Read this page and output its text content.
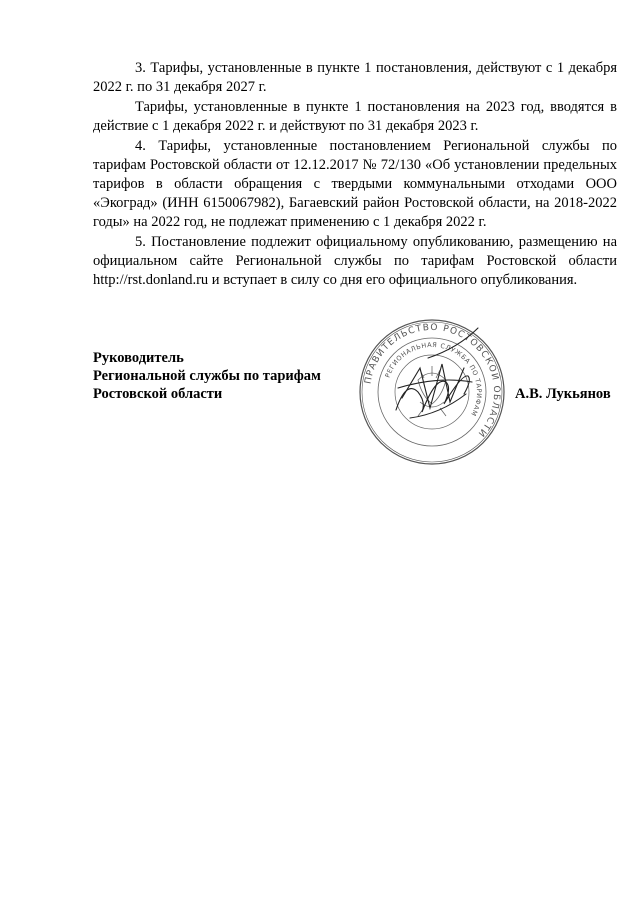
3. Тарифы, установленные в пункте 1 постановления, действуют с 1 декабря 2022 г. по 31 декабря 2027 г.

Тарифы, установленные в пункте 1 постановления на 2023 год, вводятся в действие с 1 декабря 2022 г. и действуют по 31 декабря 2023 г.

4. Тарифы, установленные постановлением Региональной службы по тарифам Ростовской области от 12.12.2017 № 72/130 «Об установлении предельных тарифов в области обращения с твердыми коммунальными отходами ООО «Экоград» (ИНН 6150067982), Багаевский район Ростовской области, на 2018-2022 годы» на 2022 год, не подлежат применению с 1 декабря 2022 г.

5. Постановление подлежит официальному опубликованию, размещению на официальном сайте Региональной службы по тарифам Ростовской области http://rst.donland.ru и вступает в силу со дня его официального опубликования.

Руководитель
Региональной службы по тарифам
Ростовской области	А.В. Лукьянов
ПРАВИТЕЛЬСТВО РОСТОВСКОЙ ОБЛАСТИ
РЕГИОНАЛЬНАЯ СЛУЖБА ПО ТАРИФАМ
